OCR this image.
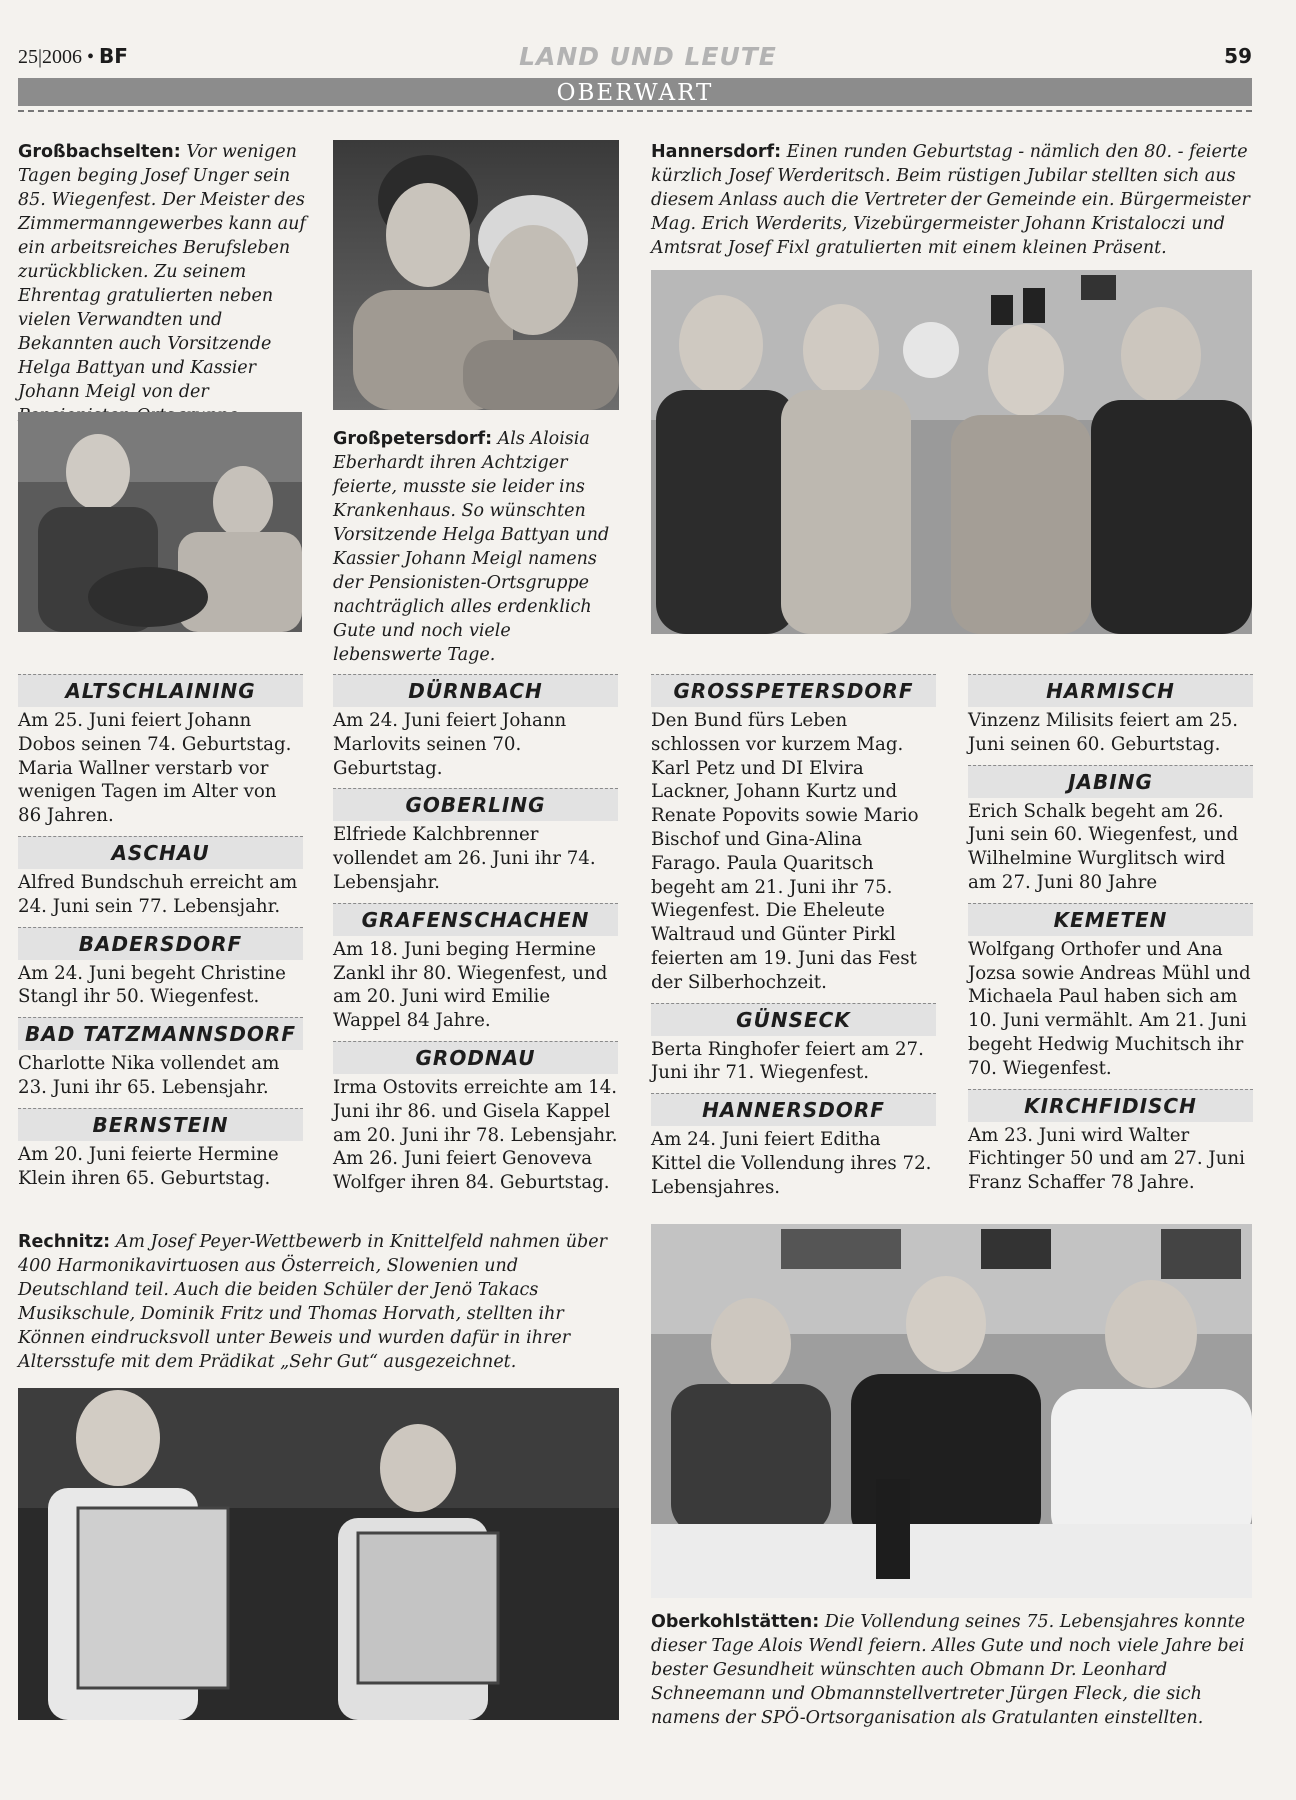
25|2006 • BF	LAND UND LEUTE	59
OBERWART
Großbachselten: Vor wenigen Tagen beging Josef Unger sein 85. Wiegenfest. Der Meister des Zimmermanngewerbes kann auf ein arbeitsreiches Berufsleben zurückblicken. Zu seinem Ehrentag gratulierten neben vielen Verwandten und Bekannten auch Vorsitzende Helga Battyan und Kassier Johann Meigl von der
Großpetersdorf: Als Aloisia Eberhardt ihren Achtziger feierte, musste sie leider ins Krankenhaus. So wünschten Vorsitzende Helga Battyan und Kassier Johann Meigl namens der Pensionisten-Ortsgruppe nachträglich alles erdenklich Gute und noch viele lebenswerte Tage.
Hannersdorf: Einen runden Geburtstag - nämlich den 80. - feierte kürzlich Josef Werderitsch. Beim rüstigen Jubilar stellten sich aus diesem Anlass auch die Vertreter der Gemeinde ein. Bürgermeister Mag. Erich Werderits, Vizebürgermeister Johann Kristaloczi und Amtsrat Josef Fixl gratulierten mit einem kleinen Präsent.
ALTSCHLAINING
Am 25. Juni feiert Johann Dobos seinen 74. Geburtstag. Maria Wallner verstarb vor wenigen Tagen im Alter von 86 Jahren.
ASCHAU
Alfred Bundschuh erreicht am 24. Juni sein 77. Lebensjahr.
BADERSDORF
Am 24. Juni begeht Christine Stangl ihr 50. Wiegenfest.
BAD TATZMANNSDORF
Charlotte Nika vollendet am 23. Juni ihr 65. Lebensjahr.
BERNSTEIN
Am 20. Juni feierte Hermine Klein ihren 65. Geburtstag.
DÜRNBACH
Am 24. Juni feiert Johann Marlovits seinen 70. Geburtstag.
GOBERLING
Elfriede Kalchbrenner vollendet am 26. Juni ihr 74. Lebensjahr.
GRAFENSCHACHEN
Am 18. Juni beging Hermine Zankl ihr 80. Wiegenfest, und am 20. Juni wird Emilie Wappel 84 Jahre.
GRODNAU
Irma Ostovits erreichte am 14. Juni ihr 86. und Gisela Kappel am 20. Juni ihr 78. Lebensjahr. Am 26. Juni feiert Genoveva Wolfger ihren 84. Geburtstag.
GROSSPETERSDORF
Den Bund fürs Leben schlossen vor kurzem Mag. Karl Petz und DI Elvira Lackner, Johann Kurtz und Renate Popovits sowie Mario Bischof und Gina-Alina Farago. Paula Quaritsch begeht am 21. Juni ihr 75. Wiegenfest. Die Eheleute Waltraud und Günter Pirkl feierten am 19. Juni das Fest der Silberhochzeit.
GÜNSECK
Berta Ringhofer feiert am 27. Juni ihr 71. Wiegenfest.
HANNERSDORF
Am 24. Juni feiert Editha Kittel die Vollendung ihres 72. Lebensjahres.
HARMISCH
Vinzenz Milisits feiert am 25. Juni seinen 60. Geburtstag.
JABING
Erich Schalk begeht am 26. Juni sein 60. Wiegenfest, und Wilhelmine Wurglitsch wird am 27. Juni 80 Jahre
KEMETEN
Wolfgang Orthofer und Ana Jozsa sowie Andreas Mühl und Michaela Paul haben sich am 10. Juni vermählt. Am 21. Juni begeht Hedwig Muchitsch ihr 70. Wiegenfest.
KIRCHFIDISCH
Am 23. Juni wird Walter Fichtinger 50 und am 27. Juni Franz Schaffer 78 Jahre.
Rechnitz: Am Josef Peyer-Wettbewerb in Knittelfeld nahmen über 400 Harmonikavirtuosen aus Österreich, Slowenien und Deutschland teil. Auch die beiden Schüler der Jenö Takacs Musikschule, Dominik Fritz und Thomas Horvath, stellten ihr Können eindrucksvoll unter Beweis und wurden dafür in ihrer Altersstufe mit dem Prädikat „Sehr Gut“ ausgezeichnet.
Oberkohlstätten: Die Vollendung seines 75. Lebensjahres konnte dieser Tage Alois Wendl feiern. Alles Gute und noch viele Jahre bei bester Gesundheit wünschten auch Obmann Dr. Leonhard Schneemann und Obmannstellvertreter Jürgen Fleck, die sich namens der SPÖ-Ortsorganisation als Gratulanten einstellten.
